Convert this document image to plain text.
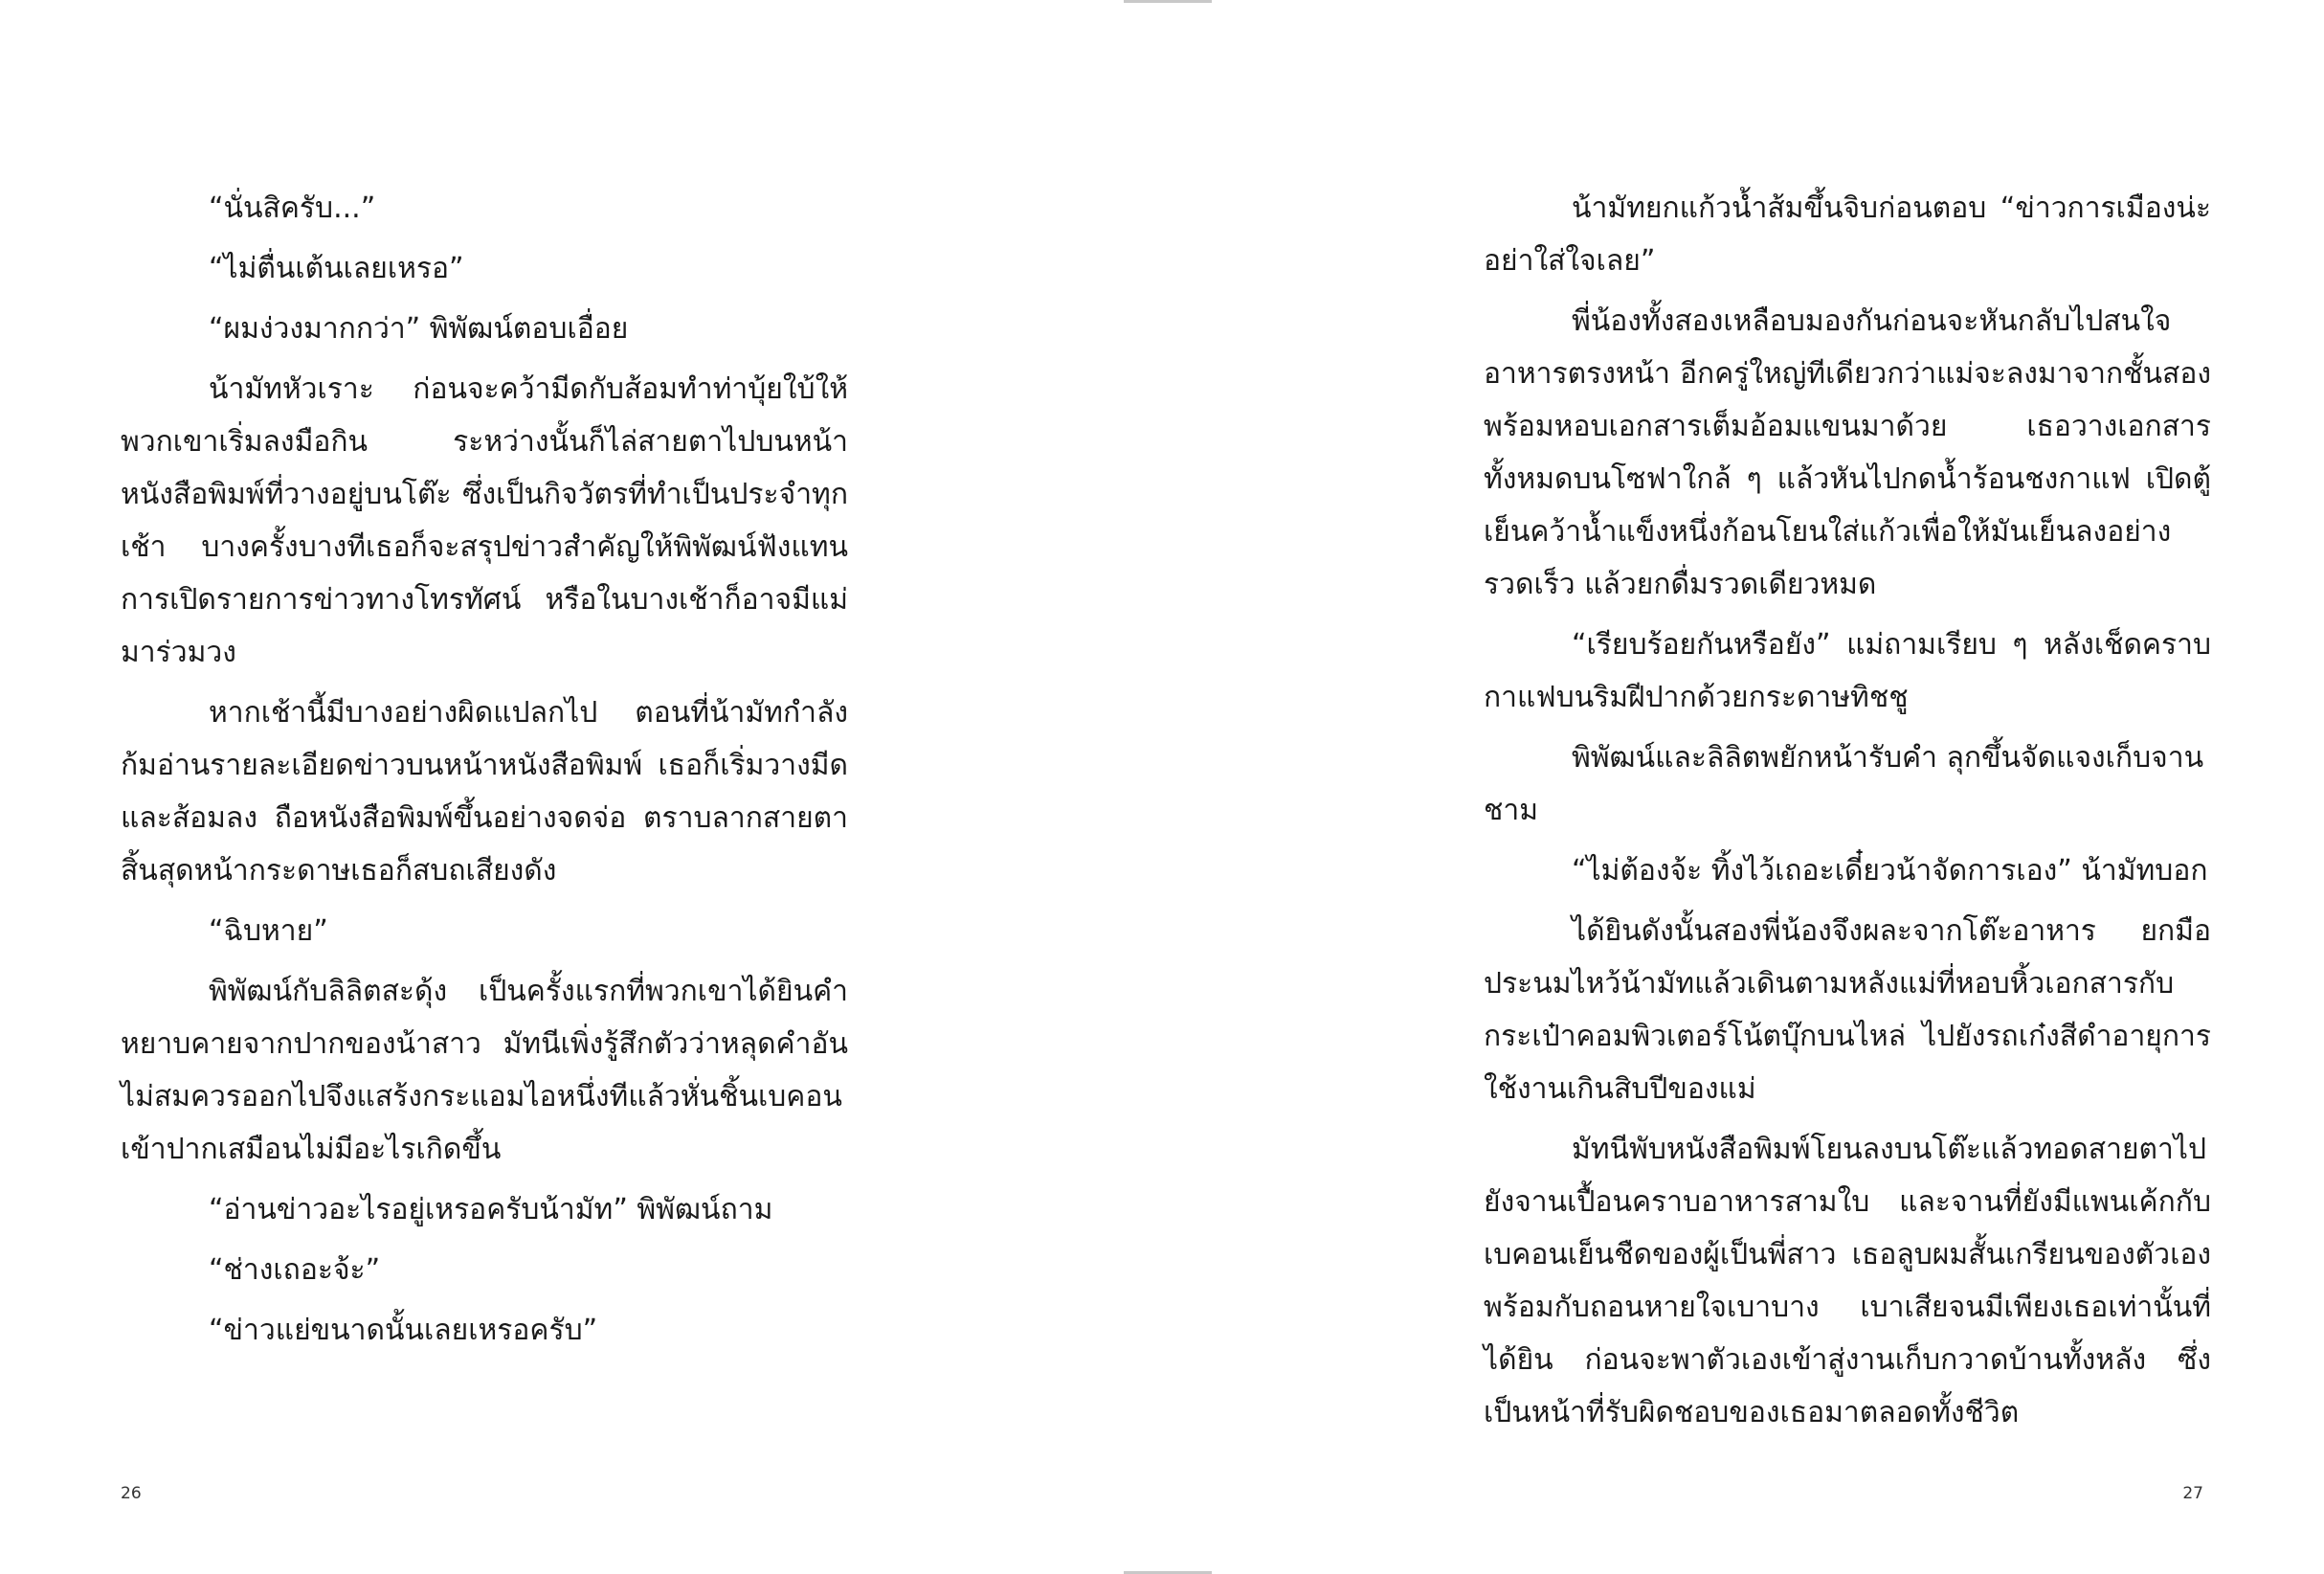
“นั่นสิครับ...”

“ไม่ตื่นเต้นเลยเหรอ”

“ผมง่วงมากกว่า” พิพัฒน์ตอบเอื่อย

น้ามัทหัวเราะ ก่อนจะคว้ามีดกับส้อมทำท่าบุ้ยใบ้ให้พวกเขาเริ่มลงมือกิน ระหว่างนั้นก็ไล่สายตาไปบนหน้าหนังสือพิมพ์ที่วางอยู่บนโต๊ะ ซึ่งเป็นกิจวัตรที่ทำเป็นประจำทุกเช้า บางครั้งบางทีเธอก็จะสรุปข่าวสำคัญให้พิพัฒน์ฟังแทนการเปิดรายการข่าวทางโทรทัศน์ หรือในบางเช้าก็อาจมีแม่มาร่วมวง

หากเช้านี้มีบางอย่างผิดแปลกไป ตอนที่น้ามัทกำลังก้มอ่านรายละเอียดข่าวบนหน้าหนังสือพิมพ์ เธอก็เริ่มวางมีดและส้อมลง ถือหนังสือพิมพ์ขึ้นอย่างจดจ่อ ตราบลากสายตาสิ้นสุดหน้ากระดาษเธอก็สบถเสียงดัง

“ฉิบหาย”

พิพัฒน์กับลิลิตสะดุ้ง เป็นครั้งแรกที่พวกเขาได้ยินคำหยาบคายจากปากของน้าสาว มัทนีเพิ่งรู้สึกตัวว่าหลุดคำอันไม่สมควรออกไปจึงแสร้งกระแอมไอหนึ่งทีแล้วหั่นชิ้นเบคอนเข้าปากเสมือนไม่มีอะไรเกิดขึ้น

“อ่านข่าวอะไรอยู่เหรอครับน้ามัท” พิพัฒน์ถาม

“ช่างเถอะจ้ะ”

“ข่าวแย่ขนาดนั้นเลยเหรอครับ”

น้ามัทยกแก้วน้ำส้มขึ้นจิบก่อนตอบ “ข่าวการเมืองน่ะอย่าใส่ใจเลย”

พี่น้องทั้งสองเหลือบมองกันก่อนจะหันกลับไปสนใจอาหารตรงหน้า อีกครู่ใหญ่ทีเดียวกว่าแม่จะลงมาจากชั้นสองพร้อมหอบเอกสารเต็มอ้อมแขนมาด้วย เธอวางเอกสารทั้งหมดบนโซฟาใกล้ ๆ แล้วหันไปกดน้ำร้อนชงกาแฟ เปิดตู้เย็นคว้าน้ำแข็งหนึ่งก้อนโยนใส่แก้วเพื่อให้มันเย็นลงอย่างรวดเร็ว แล้วยกดื่มรวดเดียวหมด

“เรียบร้อยกันหรือยัง” แม่ถามเรียบ ๆ หลังเช็ดคราบกาแฟบนริมฝีปากด้วยกระดาษทิชชู

พิพัฒน์และลิลิตพยักหน้ารับคำ ลุกขึ้นจัดแจงเก็บจานชาม

“ไม่ต้องจ้ะ ทิ้งไว้เถอะเดี๋ยวน้าจัดการเอง” น้ามัทบอก

ได้ยินดังนั้นสองพี่น้องจึงผละจากโต๊ะอาหาร ยกมือประนมไหว้น้ามัทแล้วเดินตามหลังแม่ที่หอบหิ้วเอกสารกับกระเป๋าคอมพิวเตอร์โน้ตบุ๊กบนไหล่ ไปยังรถเก๋งสีดำอายุการใช้งานเกินสิบปีของแม่

มัทนีพับหนังสือพิมพ์โยนลงบนโต๊ะแล้วทอดสายตาไปยังจานเปื้อนคราบอาหารสามใบ และจานที่ยังมีแพนเค้กกับเบคอนเย็นชืดของผู้เป็นพี่สาว เธอลูบผมสั้นเกรียนของตัวเองพร้อมกับถอนหายใจเบาบาง เบาเสียจนมีเพียงเธอเท่านั้นที่ได้ยิน ก่อนจะพาตัวเองเข้าสู่งานเก็บกวาดบ้านทั้งหลัง ซึ่งเป็นหน้าที่รับผิดชอบของเธอมาตลอดทั้งชีวิต

26	27
